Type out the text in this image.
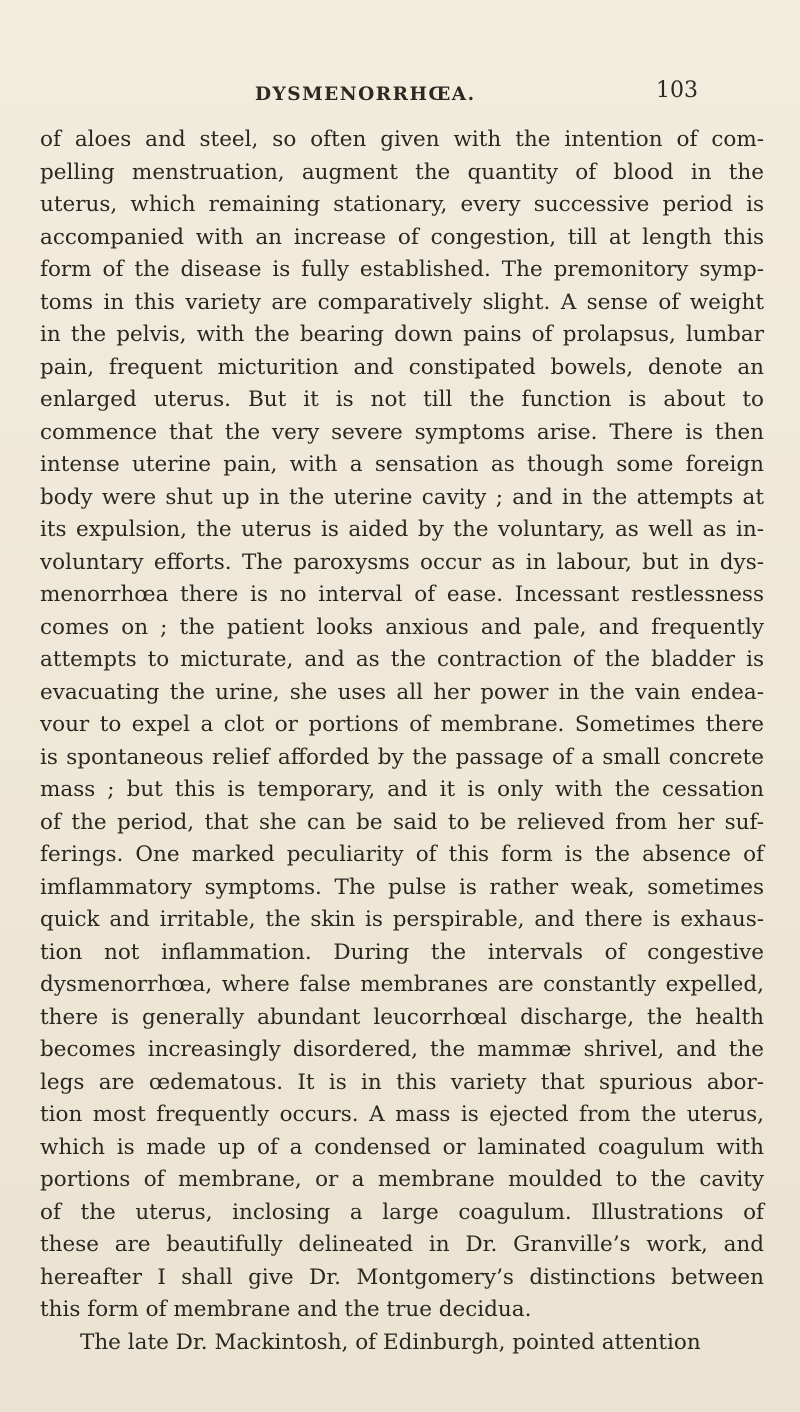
DYSMENORRHŒA.	103
of aloes and steel, so often given with the intention of com-
pelling menstruation, augment the quantity of blood in the
uterus, which remaining stationary, every successive period is
accompanied with an increase of congestion, till at length this
form of the disease is fully established. The premonitory symp-
toms in this variety are comparatively slight. A sense of weight
in the pelvis, with the bearing down pains of prolapsus, lumbar
pain, frequent micturition and constipated bowels, denote an
enlarged uterus. But it is not till the function is about to
commence that the very severe symptoms arise. There is then
intense uterine pain, with a sensation as though some foreign
body were shut up in the uterine cavity ; and in the attempts at
its expulsion, the uterus is aided by the voluntary, as well as in-
voluntary efforts. The paroxysms occur as in labour, but in dys-
menorrhœa there is no interval of ease. Incessant restlessness
comes on ; the patient looks anxious and pale, and frequently
attempts to micturate, and as the contraction of the bladder is
evacuating the urine, she uses all her power in the vain endea-
vour to expel a clot or portions of membrane. Sometimes there
is spontaneous relief afforded by the passage of a small concrete
mass ; but this is temporary, and it is only with the cessation
of the period, that she can be said to be relieved from her suf-
ferings. One marked peculiarity of this form is the absence of
imflammatory symptoms. The pulse is rather weak, sometimes
quick and irritable, the skin is perspirable, and there is exhaus-
tion not inflammation. During the intervals of congestive
dysmenorrhœa, where false membranes are constantly expelled,
there is generally abundant leucorrhœal discharge, the health
becomes increasingly disordered, the mammæ shrivel, and the
legs are œdematous. It is in this variety that spurious abor-
tion most frequently occurs. A mass is ejected from the uterus,
which is made up of a condensed or laminated coagulum with
portions of membrane, or a membrane moulded to the cavity
of the uterus, inclosing a large coagulum. Illustrations of
these are beautifully delineated in Dr. Granville’s work, and
hereafter I shall give Dr. Montgomery’s distinctions between
this form of membrane and the true decidua.
The late Dr. Mackintosh, of Edinburgh, pointed attention
